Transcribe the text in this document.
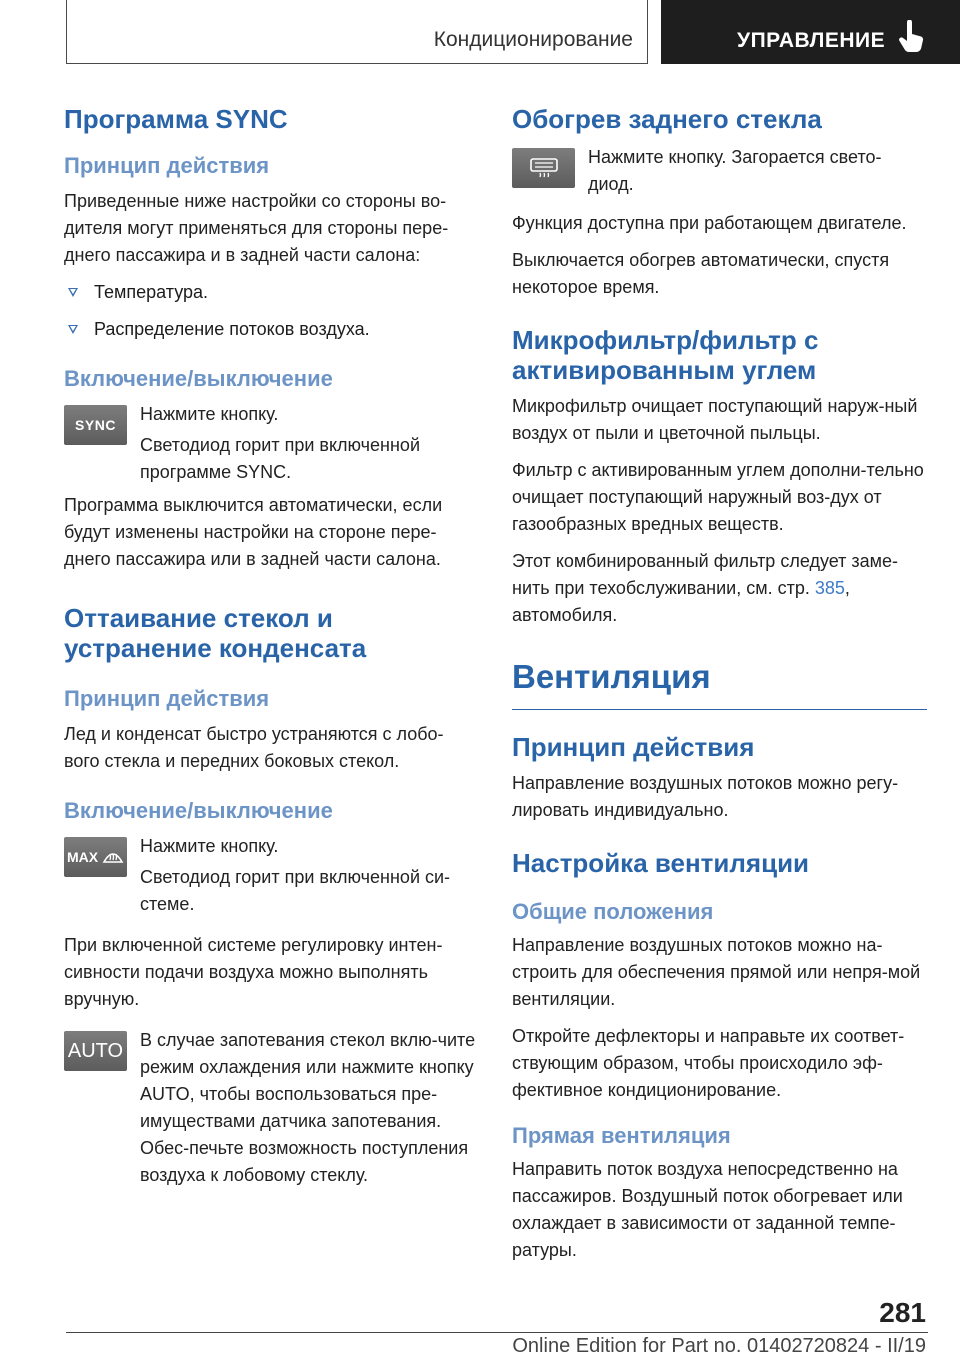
Кондиционирование	УПРАВЛЕНИЕ
Программа SYNC
Принцип действия

Приведенные ниже настройки со стороны во-дителя могут применяться для стороны пере-днего пассажира и в задней части салона:

Температура.
Распределение потоков воздуха.
Включение/выключение
SYNC

Нажмите кнопку.

Светодиод горит при включенной программе SYNC.

Программа выключится автоматически, если будут изменены настройки на стороне пере-днего пассажира или в задней части салона.

Оттаивание стекол и
устранение конденсата
Принцип действия

Лед и конденсат быстро устраняются с лобо-вого стекла и передних боковых стекол.

Включение/выключение
MAX

Нажмите кнопку.

Светодиод горит при включенной си-стеме.

При включенной системе регулировку интен-сивности подачи воздуха можно выполнять вручную.

AUTO В случае запотевания стекол вклю-чите режим охлаждения или нажмите кнопку AUTO, чтобы воспользоваться пре-имуществами датчика запотевания. Обес-печьте возможность поступления воздуха к лобовому стеклу.

Обогрев заднего стекла

Нажмите кнопку. Загорается свето-диод.

Функция доступна при работающем двигателе.

Выключается обогрев автоматически, спустя некоторое время.

Микрофильтр/фильтр с
активированным углем

Микрофильтр очищает поступающий наруж-ный воздух от пыли и цветочной пыльцы.

Фильтр с активированным углем дополни-тельно очищает поступающий наружный воз-дух от газообразных вредных веществ.

Этот комбинированный фильтр следует заме-нить при техобслуживании, см. стр. 385, автомобиля.

Вентиляция
Принцип действия

Направление воздушных потоков можно регу-лировать индивидуально.

Настройка вентиляции
Общие положения

Направление воздушных потоков можно на-строить для обеспечения прямой или непря-мой вентиляции.

Откройте дефлекторы и направьте их соответ-ствующим образом, чтобы происходило эф-фективное кондиционирование.

Прямая вентиляция

Направить поток воздуха непосредственно на пассажиров. Воздушный поток обогревает или охлаждает в зависимости от заданной темпе-ратуры.

281
Online Edition for Part no. 01402720824 - II/19
